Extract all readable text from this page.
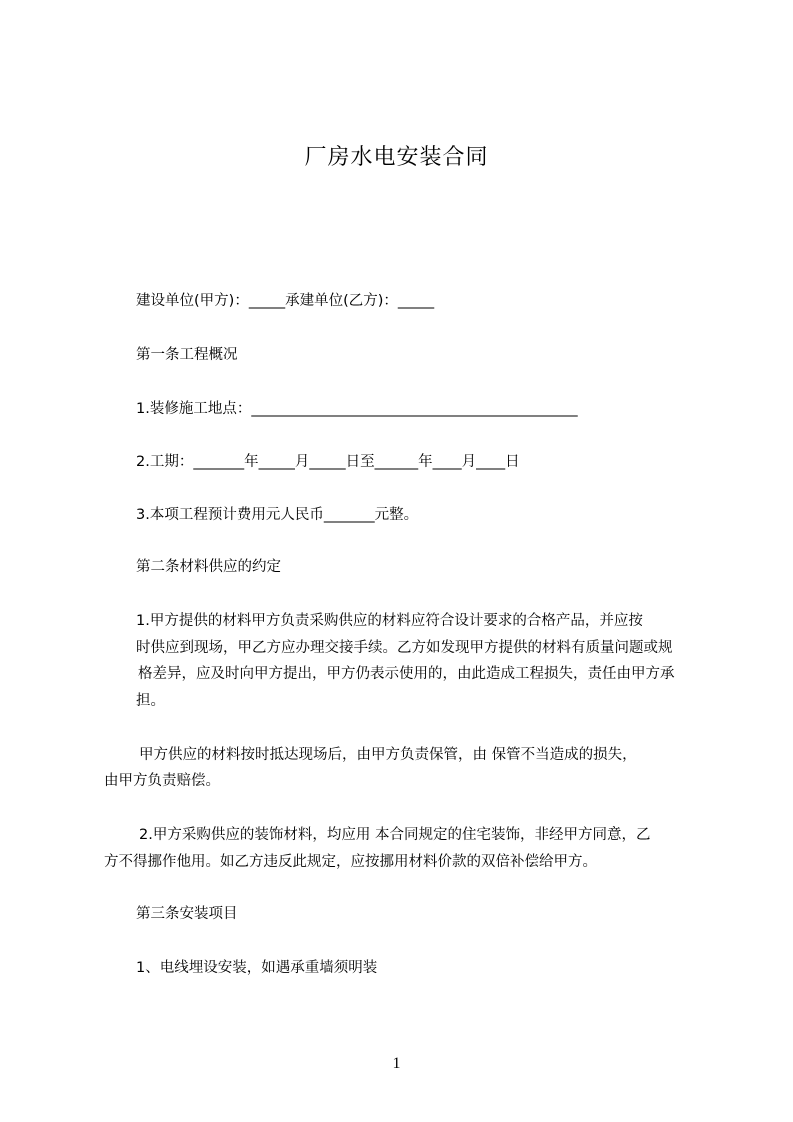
厂房水电安装合同
建设单位(甲方)：_____承建单位(乙方)：_____
第一条工程概况
1.装修施工地点：_____________________________________________
2.工期：_______年_____月_____日至______年____月____日
3.本项工程预计费用元人民币_______元整。
第二条材料供应的约定
1.甲方提供的材料甲方负责采购供应的材料应符合设计要求的合格产品，并应按
时供应到现场，甲乙方应办理交接手续。乙方如发现甲方提供的材料有质量问题或规
格差异，应及时向甲方提出，甲方仍表示使用的，由此造成工程损失，责任由甲方承
担。
甲方供应的材料按时抵达现场后，由甲方负责保管，由 保管不当造成的损失，
由甲方负责赔偿。
2.甲方采购供应的装饰材料，均应用 本合同规定的住宅装饰，非经甲方同意，乙
方不得挪作他用。如乙方违反此规定，应按挪用材料价款的双倍补偿给甲方。
第三条安装项目
1、电线埋设安装，如遇承重墙须明装
1
